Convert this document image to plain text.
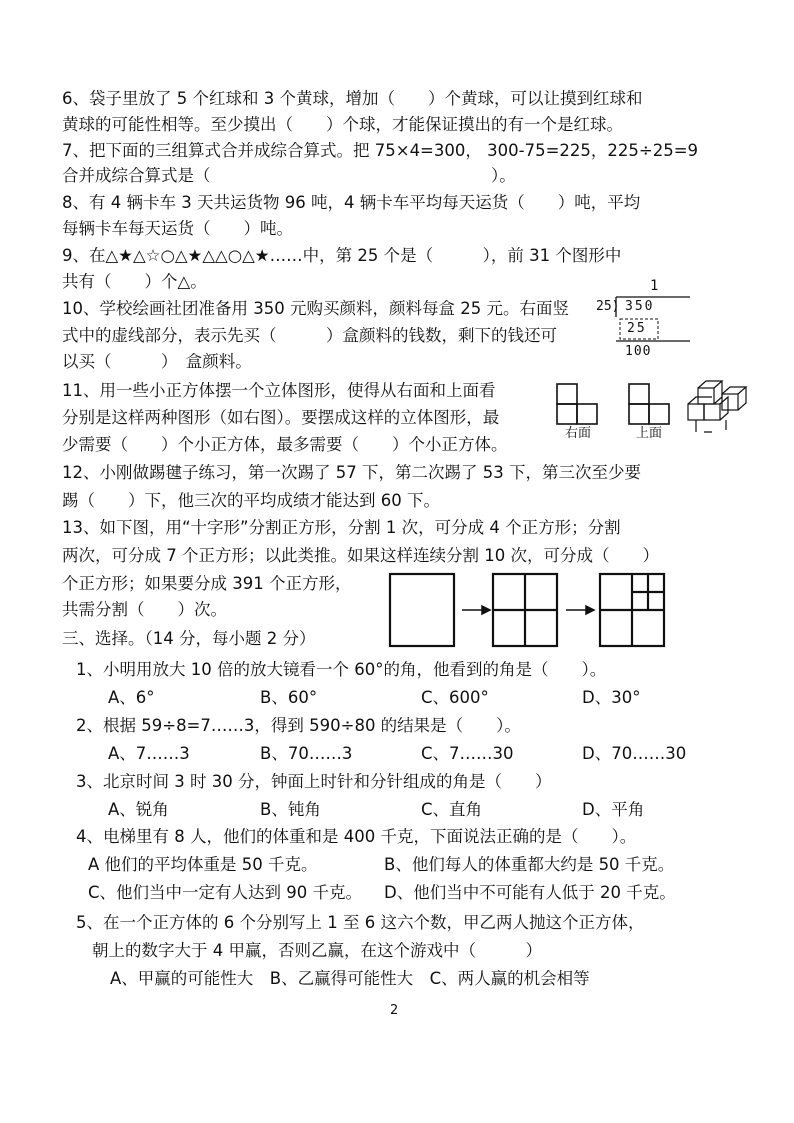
6、袋子里放了 5 个红球和 3 个黄球，增加（　　）个黄球，可以让摸到红球和
黄球的可能性相等。至少摸出（　　）个球，才能保证摸出的有一个是红球。
7、把下面的三组算式合并成综合算式。把 75×4=300， 300-75=225，225÷25=9
合并成综合算式是（　　　　　　　　　　　　　　　　　）。
8、有 4 辆卡车 3 天共运货物 96 吨，4 辆卡车平均每天运货（　　）吨，平均
每辆卡车每天运货（　　）吨。
9、在△★△☆○△★△△○△★……中，第 25 个是（　　　），前 31 个图形中
共有（　　）个△。
10、学校绘画社团准备用 350 元购买颜料，颜料每盒 25 元。右面竖
式中的虚线部分，表示先买（　　　）盒颜料的钱数，剩下的钱还可
以买（　　　）　盒颜料。
11、用一些小正方体摆一个立体图形，使得从右面和上面看
分别是这样两种图形（如右图）。要摆成这样的立体图形，最
少需要（　　）个小正方体，最多需要（　　）个小正方体。
12、小刚做踢毽子练习，第一次踢了 57 下，第二次踢了 53 下，第三次至少要
踢（　　）下，他三次的平均成绩才能达到 60 下。
13、如下图，用“十字形”分割正方形，分割 1 次，可分成 4 个正方形；分割
两次，可分成 7 个正方形；以此类推。如果这样连续分割 10 次，可分成（　　）
个正方形；如果要分成 391 个正方形，
共需分割（　　）次。
三、选择。（14 分，每小题 2 分）
1、小明用放大 10 倍的放大镜看一个 60°的角，他看到的角是（　　）。
A、6°	B、60°	C、600°	D、30°
2、根据 59÷8=7……3，得到 590÷80 的结果是（　　）。
A、7……3	B、70……3	C、7……30	D、70……30
3、北京时间 3 时 30 分，钟面上时针和分针组成的角是（　　）
A、锐角	B、钝角	C、直角	D、平角
4、电梯里有 8 人，他们的体重和是 400 千克，下面说法正确的是（　　）。
A 他们的平均体重是 50 千克。	B、他们每人的体重都大约是 50 千克。
C、他们当中一定有人达到 90 千克。 D、他们当中不可能有人低于 20 千克。
5、在一个正方体的 6 个分别写上 1 至 6 这六个数，甲乙两人抛这个正方体，
朝上的数字大于 4 甲赢，否则乙赢，在这个游戏中（　　　）
A、甲赢的可能性大　B、乙赢得可能性大　C、两人赢的机会相等
1
25) 350
25
100
右面	上面
2
